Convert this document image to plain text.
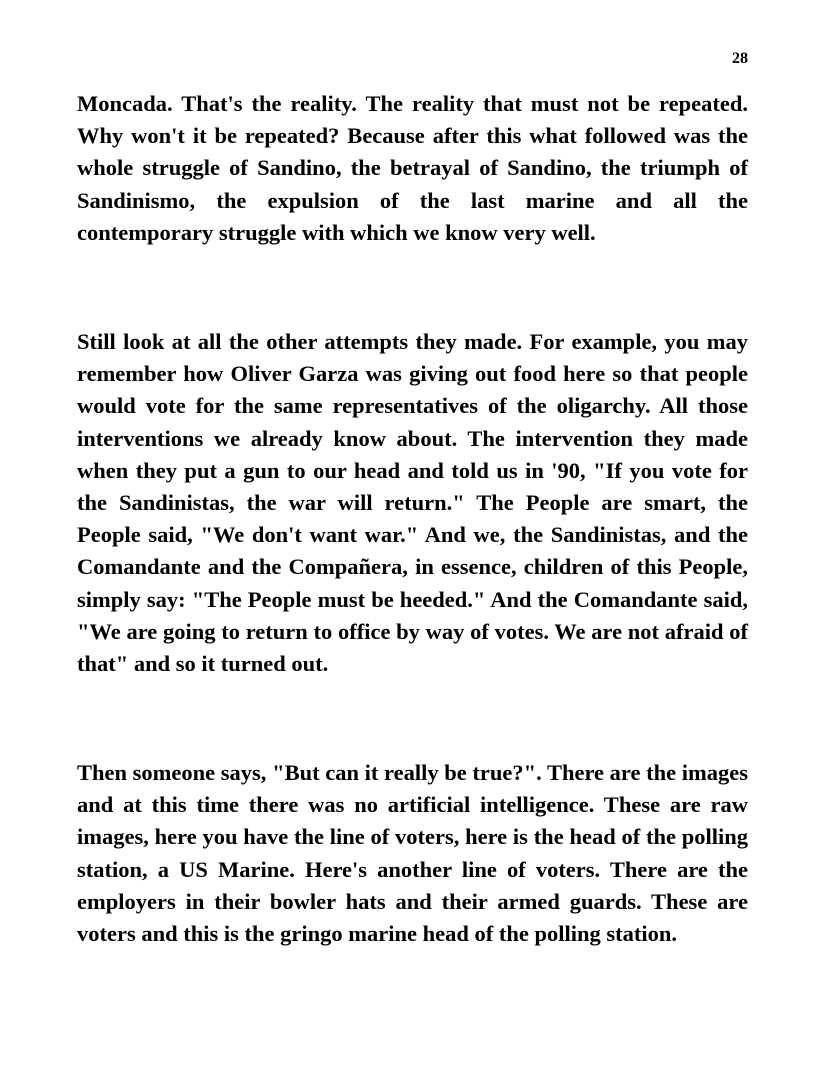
28

Moncada. That's the reality. The reality that must not be repeated. Why won't it be repeated? Because after this what followed was the whole struggle of Sandino, the betrayal of Sandino, the triumph of Sandinismo, the expulsion of the last marine and all the contemporary struggle with which we know very well.

Still look at all the other attempts they made. For example, you may remember how Oliver Garza was giving out food here so that people would vote for the same representatives of the oligarchy. All those interventions we already know about. The intervention they made when they put a gun to our head and told us in '90, "If you vote for the Sandinistas, the war will return." The People are smart, the People said, "We don't want war." And we, the Sandinistas, and the Comandante and the Compañera, in essence, children of this People, simply say: "The People must be heeded." And the Comandante said, "We are going to return to office by way of votes. We are not afraid of that" and so it turned out.

Then someone says, "But can it really be true?". There are the images and at this time there was no artificial intelligence. These are raw images, here you have the line of voters, here is the head of the polling station, a US Marine. Here's another line of voters. There are the employers in their bowler hats and their armed guards. These are voters and this is the gringo marine head of the polling station.
